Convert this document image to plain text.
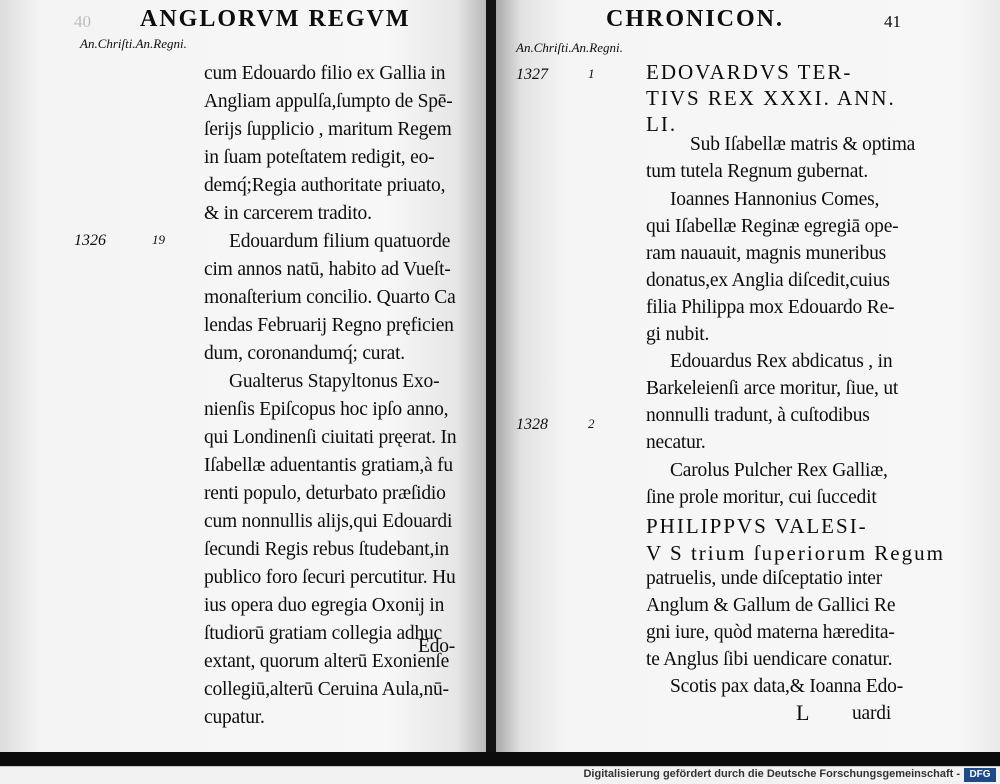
40 ANGLORVM REGVM
An.Chriſti.An.Regni.
1326	19
cum Edouardo filio ex Gallia in
Angliam appulſa,ſumpto de Spē-
ſerijs ſupplicio , maritum Regem
in ſuam poteſtatem redigit, eo-
demq́;Regia authoritate priuato,
& in carcerem tradito.
Edouardum filium quatuorde
cim annos natū, habito ad Vueſt-
monaſterium concilio. Quarto Ca
lendas Februarij Regno pręficien
dum, coronandumq́; curat.
Gualterus Stapyltonus Exo-
nienſis Epiſcopus hoc ipſo anno,
qui Londinenſi ciuitati pręerat. In
Iſabellæ aduentantis gratiam,à fu
renti populo, deturbato præſidio
cum nonnullis alijs,qui Edouardi
ſecundi Regis rebus ſtudebant,in
publico foro ſecuri percutitur. Hu
ius opera duo egregia Oxonij in
ſtudiorū gratiam collegia adhuc
extant, quorum alterū Exonienſe
collegiū,alterū Ceruina Aula,nū-
cupatur.
Edo-
An.Chriſti.An.Regni.
CHRONICON.	41
1327	1
1328	2
EDOVARDVS TER-
TIVS REX XXXI. ANN.
LI.
Sub Iſabellæ matris & optima
tum tutela Regnum gubernat.
Ioannes Hannonius Comes,
qui Iſabellæ Reginæ egregiā ope-
ram nauauit, magnis muneribus
donatus,ex Anglia diſcedit,cuius
filia Philippa mox Edouardo Re-
gi nubit.
Edouardus Rex abdicatus , in
Barkeleienſi arce moritur, ſiue, ut
nonnulli tradunt, à cuſtodibus
necatur.
Carolus Pulcher Rex Galliæ,
ſine prole moritur, cui ſuccedit
PHILIPPVS VALESI-
V S trium ſuperiorum Regum
patruelis, unde diſceptatio inter
Anglum & Gallum de Gallici Re
gni iure, quòd materna hæredita-
te Anglus ſibi uendicare conatur.
Scotis pax data,& Ioanna Edo-
uardi
L
Digitalisierung gefördert durch die Deutsche Forschungsgemeinschaft - DFG
